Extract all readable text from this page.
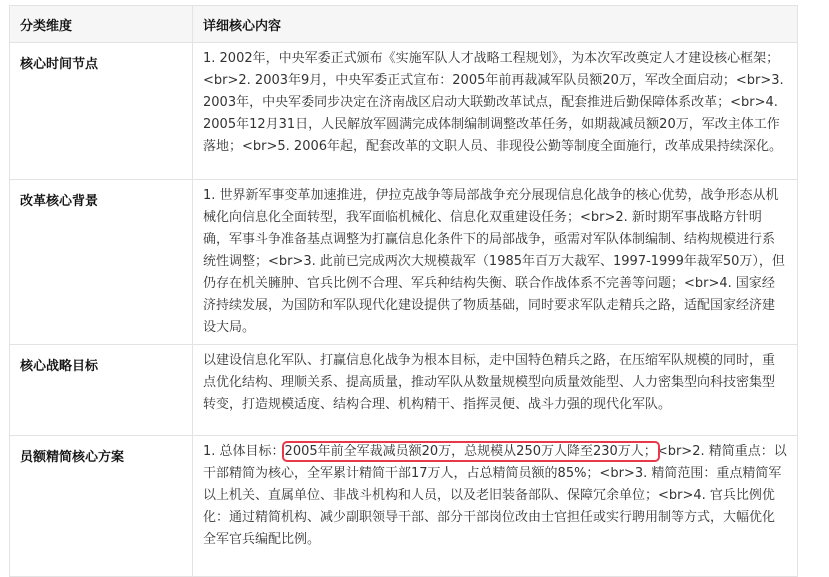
分类维度	详细核心内容
核心时间节点	1. 2002年，中央军委正式颁布《实施军队人才战略工程规划》，为本次军改奠定人才建设核心框架；<br>2. 2003年9月，中央军委正式宣布：2005年前再裁减军队员额20万，军改全面启动；<br>3. 2003年，中央军委同步决定在济南战区启动大联勤改革试点，配套推进后勤保障体系改革；<br>4. 2005年12月31日，人民解放军圆满完成体制编制调整改革任务，如期裁减员额20万，军改主体工作落地；<br>5. 2006年起，配套改革的文职人员、非现役公勤等制度全面施行，改革成果持续深化。
改革核心背景	1. 世界新军事变革加速推进，伊拉克战争等局部战争充分展现信息化战争的核心优势，战争形态从机械化向信息化全面转型，我军面临机械化、信息化双重建设任务；<br>2. 新时期军事战略方针明确，军事斗争准备基点调整为打赢信息化条件下的局部战争，亟需对军队体制编制、结构规模进行系统性调整；<br>3. 此前已完成两次大规模裁军（1985年百万大裁军、1997-1999年裁军50万），但仍存在机关臃肿、官兵比例不合理、军兵种结构失衡、联合作战体系不完善等问题；<br>4. 国家经济持续发展，为国防和军队现代化建设提供了物质基础，同时要求军队走精兵之路，适配国家经济建设大局。
核心战略目标	以建设信息化军队、打赢信息化战争为根本目标，走中国特色精兵之路，在压缩军队规模的同时，重点优化结构、理顺关系、提高质量，推动军队从数量规模型向质量效能型、人力密集型向科技密集型转变，打造规模适度、结构合理、机构精干、指挥灵便、战斗力强的现代化军队。
员额精简核心方案	1. 总体目标：2005年前全军裁减员额20万，总规模从250万人降至230万人；<br>2. 精简重点：以干部精简为核心，全军累计精简干部17万人，占总精简员额的85%；<br>3. 精简范围：重点精简军以上机关、直属单位、非战斗机构和人员，以及老旧装备部队、保障冗余单位；<br>4. 官兵比例优化：通过精简机构、减少副职领导干部、部分干部岗位改由士官担任或实行聘用制等方式，大幅优化全军官兵编配比例。
